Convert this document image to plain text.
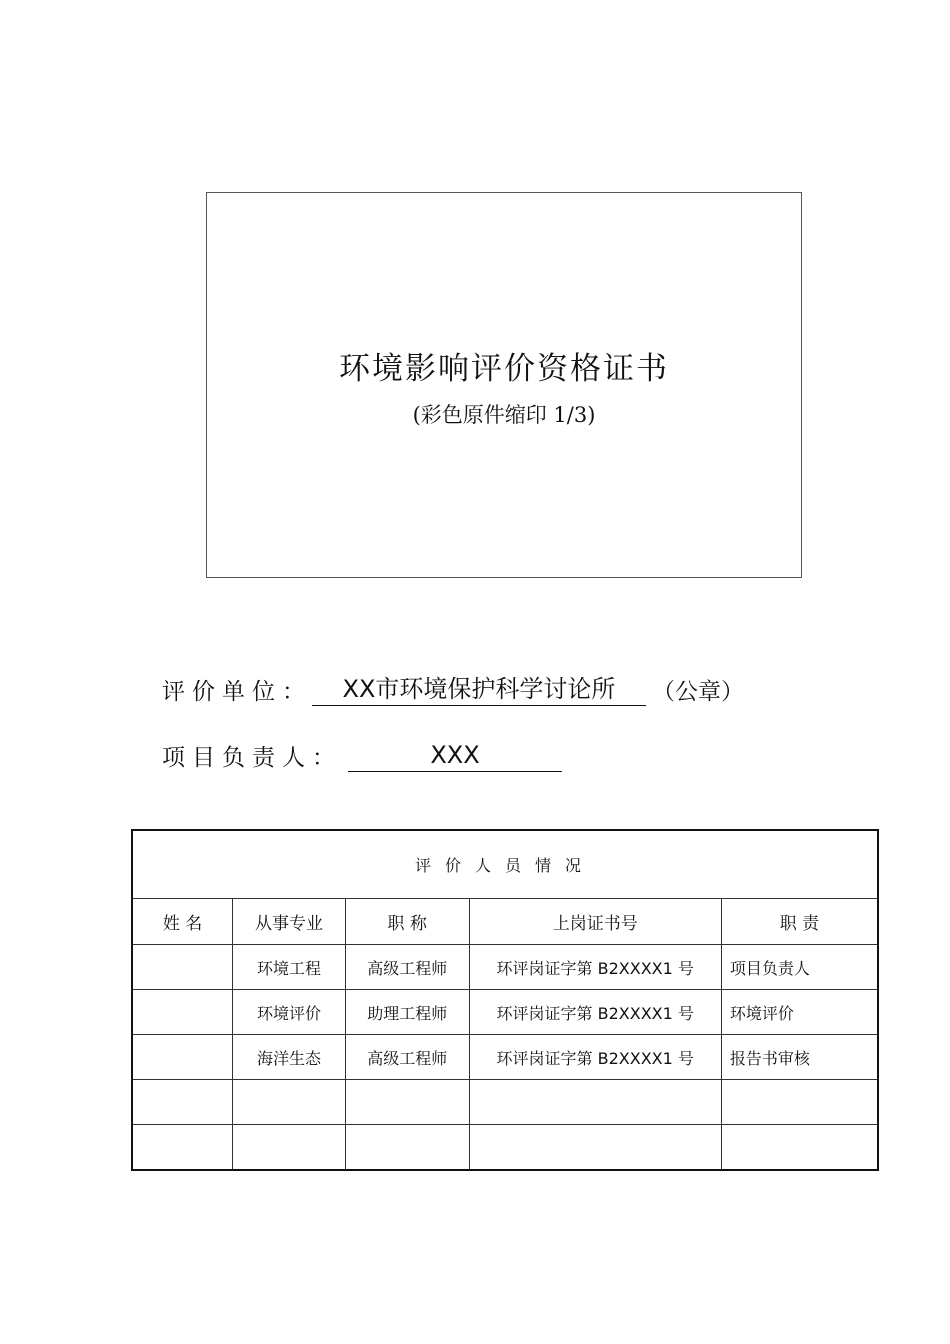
环境影响评价资格证书
(彩色原件缩印 1/3)
评价单位：	XX市环境保护科学讨论所	（公章）
项目负责人：	XXX
评价人员情况				
姓 名	从事专业	职 称	上岗证书号	职 责
	环境工程	高级工程师	环评岗证字第 B2XXXX1 号	项目负责人
	环境评价	助理工程师	环评岗证字第 B2XXXX1 号	环境评价
	海洋生态	高级工程师	环评岗证字第 B2XXXX1 号	报告书审核
